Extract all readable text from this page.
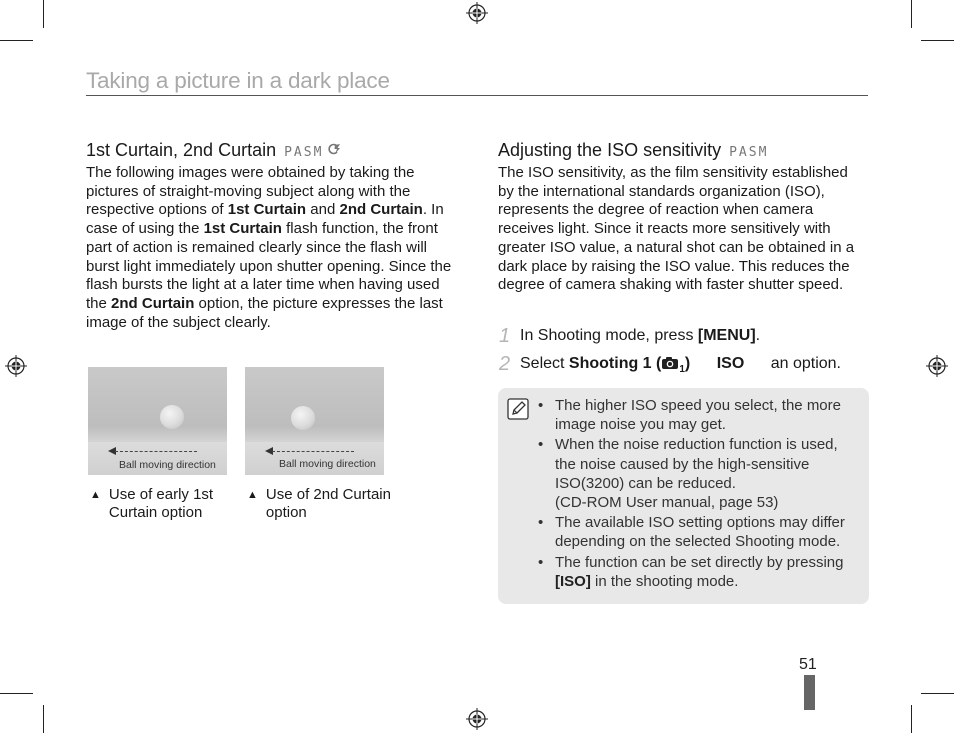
Taking a picture in a dark place
1st Curtain, 2nd Curtain PASM
The following images were obtained by taking the pictures of straight-moving subject along with the respective options of 1st Curtain and 2nd Curtain. In case of using the 1st Curtain flash function, the front part of action is remained clearly since the flash will burst light immediately upon shutter opening. Since the flash bursts the light at a later time when having used the 2nd Curtain option, the picture expresses the last image of the subject clearly.
Ball moving direction	Ball moving direction
▲ Use of early 1st Curtain option
▲ Use of 2nd Curtain option
Adjusting the ISO sensitivity PASM
The ISO sensitivity, as the film sensitivity established by the international standards organization (ISO), represents the degree of reaction when camera receives light. Since it reacts more sensitively with greater ISO value, a natural shot can be obtained in a dark place by raising the ISO value. This reduces the degree of camera shaking with faster shutter speed.
1 In Shooting mode, press [MENU].
2 Select Shooting 1 ( $_1$) ISO an option.
• The higher ISO speed you select, the more image noise you may get.
• When the noise reduction function is used, the noise caused by the high-sensitive ISO(3200) can be reduced.
(CD-ROM User manual, page 53)
• The available ISO setting options may differ depending on the selected Shooting mode.
• The function can be set directly by pressing [ISO] in the shooting mode.
51
